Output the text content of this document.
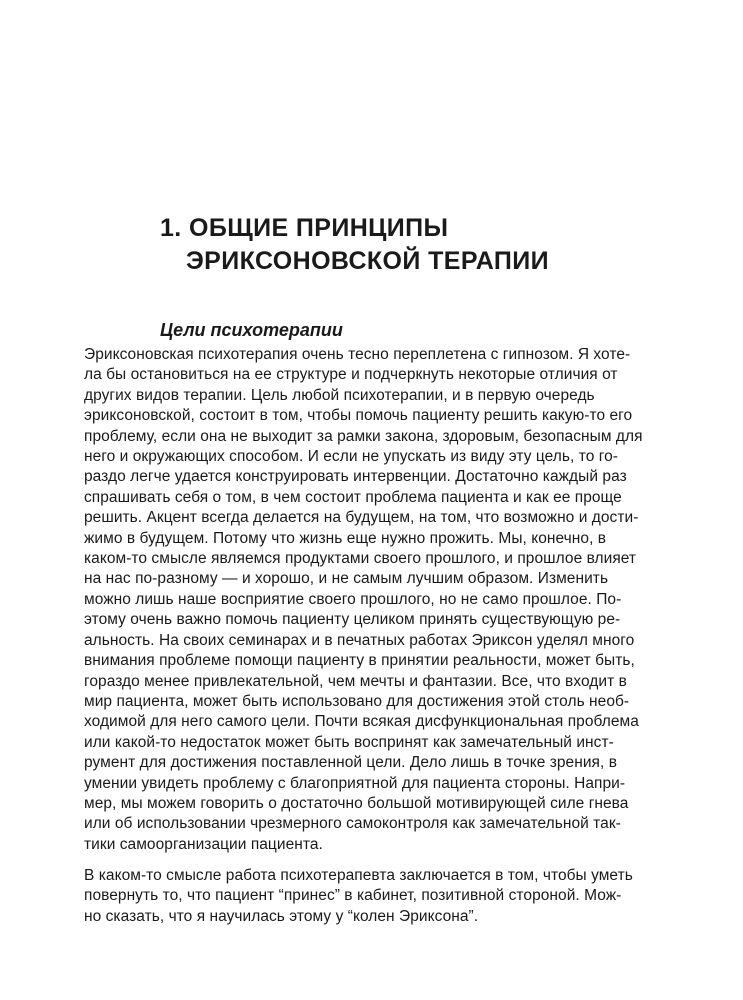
1. ОБЩИЕ ПРИНЦИПЫ
ЭРИКСОНОВСКОЙ ТЕРАПИИ
Цели психотерапии

Эриксоновская психотерапия очень тесно переплетена с гипнозом. Я хоте-
ла бы остановиться на ее структуре и подчеркнуть некоторые отличия от
других видов терапии. Цель любой психотерапии, и в первую очередь
эриксоновской, состоит в том, чтобы помочь пациенту решить какую-то его
проблему, если она не выходит за рамки закона, здоровым, безопасным для
него и окружающих способом. И если не упускать из виду эту цель, то го-
раздо легче удается конструировать интервенции. Достаточно каждый раз
спрашивать себя о том, в чем состоит проблема пациента и как ее проще
решить. Акцент всегда делается на будущем, на том, что возможно и дости-
жимо в будущем. Потому что жизнь еще нужно прожить. Мы, конечно, в
каком-то смысле являемся продуктами своего прошлого, и прошлое влияет
на нас по-разному — и хорошо, и не самым лучшим образом. Изменить
можно лишь наше восприятие своего прошлого, но не само прошлое. По-
этому очень важно помочь пациенту целиком принять существующую ре-
альность. На своих семинарах и в печатных работах Эриксон уделял много
внимания проблеме помощи пациенту в принятии реальности, может быть,
гораздо менее привлекательной, чем мечты и фантазии. Все, что входит в
мир пациента, может быть использовано для достижения этой столь необ-
ходимой для него самого цели. Почти всякая дисфункциональная проблема
или какой-то недостаток может быть воспринят как замечательный инст-
румент для достижения поставленной цели. Дело лишь в точке зрения, в
умении увидеть проблему с благоприятной для пациента стороны. Напри-
мер, мы можем говорить о достаточно большой мотивирующей силе гнева
или об использовании чрезмерного самоконтроля как замечательной так-
тики самоорганизации пациента.

В каком-то смысле работа психотерапевта заключается в том, чтобы уметь
повернуть то, что пациент “принес” в кабинет, позитивной стороной. Мож-
но сказать, что я научилась этому у “колен Эриксона”.
